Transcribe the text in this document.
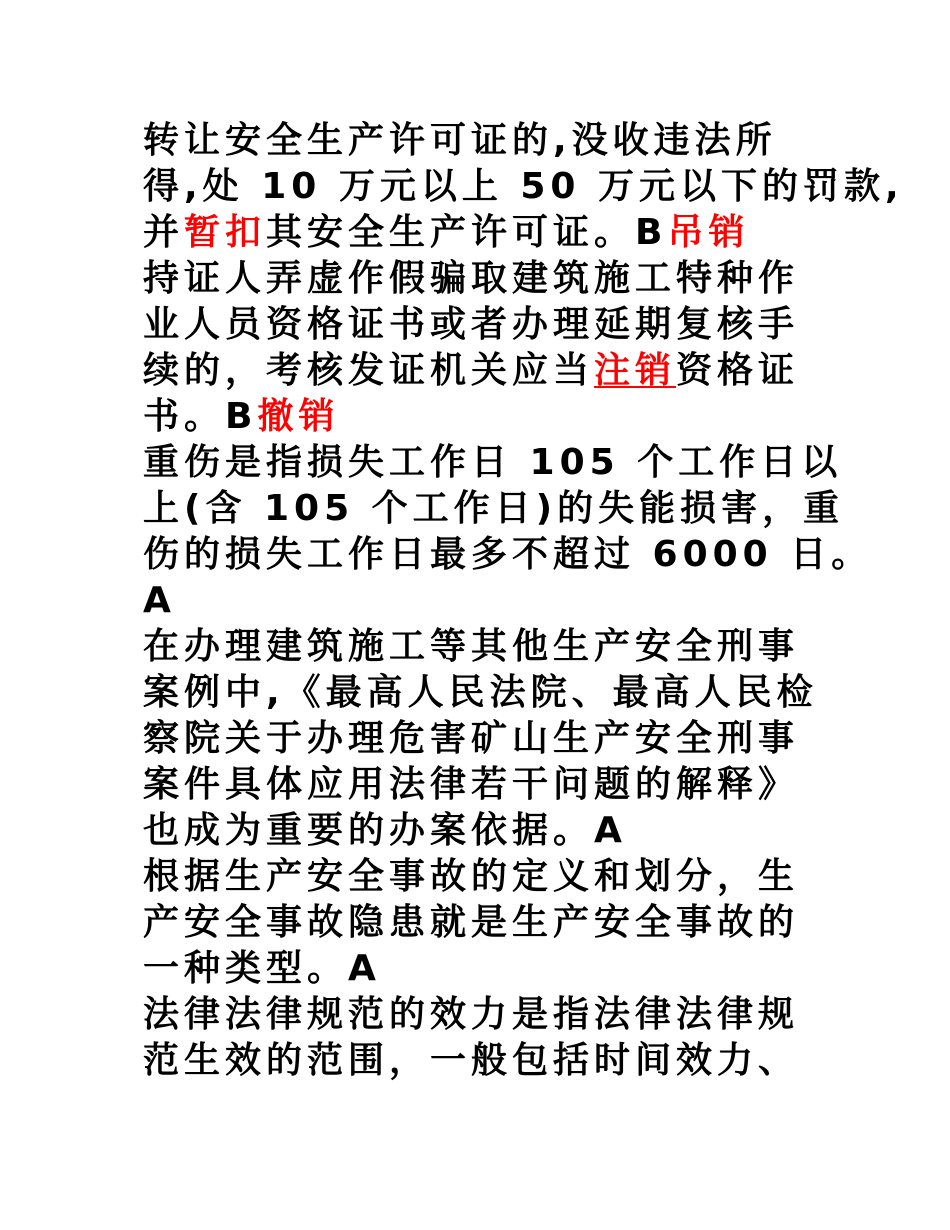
转让安全生产许可证的,没收违法所
得,处 10 万元以上 50 万元以下的罚款,
并暂扣其安全生产许可证。B吊销
持证人弄虚作假骗取建筑施工特种作
业人员资格证书或者办理延期复核手
续的，考核发证机关应当注销资格证
书。B撤销
重伤是指损失工作日 105 个工作日以
上(含 105 个工作日)的失能损害，重
伤的损失工作日最多不超过 6000 日。
A
在办理建筑施工等其他生产安全刑事
案例中,《最高人民法院、最高人民检
察院关于办理危害矿山生产安全刑事
案件具体应用法律若干问题的解释》
也成为重要的办案依据。A
根据生产安全事故的定义和划分，生
产安全事故隐患就是生产安全事故的
一种类型。A
法律法律规范的效力是指法律法律规
范生效的范围，一般包括时间效力、
